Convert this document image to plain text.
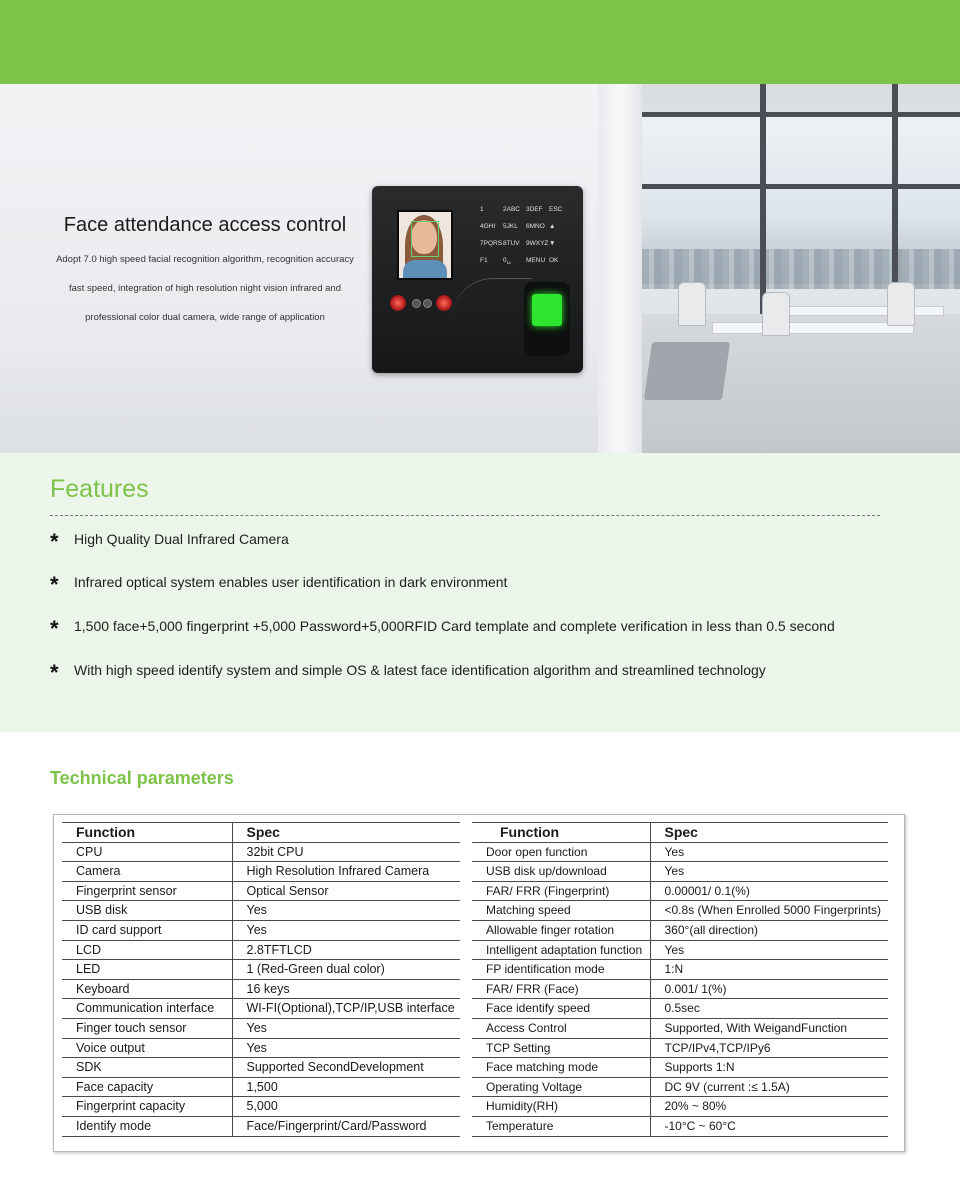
Face attendance access control
Adopt 7.0 high speed facial recognition algorithm, recognition accuracy
fast speed, integration of high resolution night vision infrared and
professional color dual camera, wide range of application
1	2ABC 3DEF ESC
4GHI	5JKL	6MNO ▲
7PQRS 8TUV 9WXYZ ▼
F1	0␣	MENU OK
Features
* High Quality Dual Infrared Camera
* Infrared optical system enables user identification in dark environment
* 1,500 face+5,000 fingerprint +5,000 Password+5,000RFID Card template and complete verification in less than 0.5 second
* With high speed identify system and simple OS & latest face identification algorithm and streamlined technology
Technical parameters
Function	Spec
CPU	32bit CPU
Camera	High Resolution Infrared Camera
Fingerprint sensor	Optical Sensor
USB disk	Yes
ID card support	Yes
LCD	2.8TFTLCD
LED	1 (Red-Green dual color)
Keyboard	16 keys
Communication interface	WI-FI(Optional),TCP/IP,USB interface
Finger touch sensor	Yes
Voice output	Yes
SDK	Supported SecondDevelopment
Face capacity	1,500
Fingerprint capacity	5,000
Identify mode	Face/Fingerprint/Card/Password
Function	Spec
Door open function	Yes
USB disk up/download	Yes
FAR/ FRR (Fingerprint)	0.00001/ 0.1(%)
Matching speed	<0.8s (When Enrolled 5000 Fingerprints)
Allowable finger rotation	360°(all direction)
Intelligent adaptation function	Yes
FP identification mode	1:N
FAR/ FRR (Face)	0.001/ 1(%)
Face identify speed	0.5sec
Access Control	Supported, With WeigandFunction
TCP Setting	TCP/IPv4,TCP/IPy6
Face matching mode	Supports 1:N
Operating Voltage	DC 9V (current :≤ 1.5A)
Humidity(RH)	20% ~ 80%
Temperature	-10°C ~ 60°C
